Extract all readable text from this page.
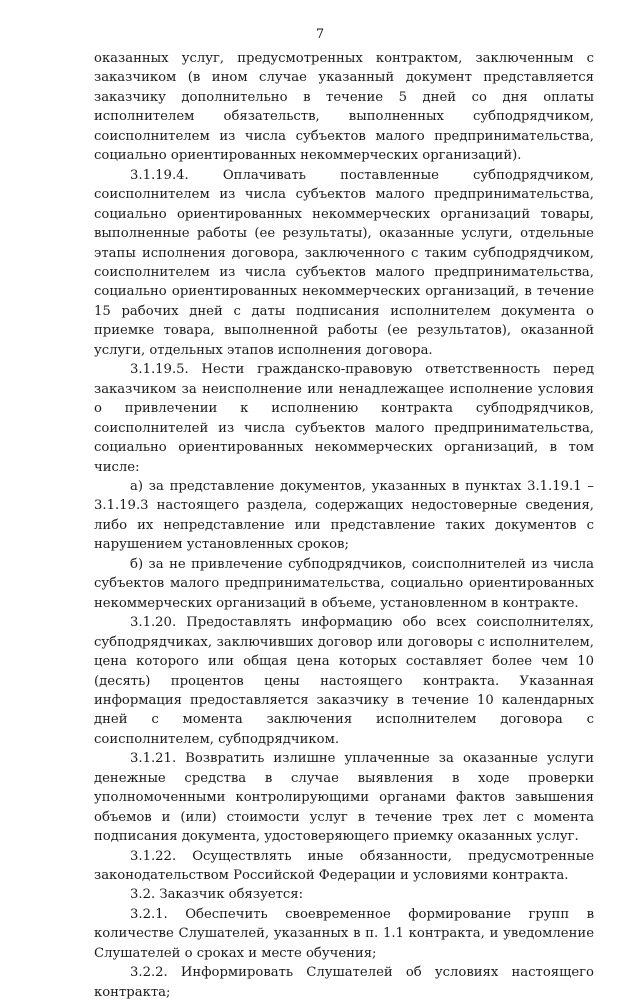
7

оказанных услуг, предусмотренных контрактом, заключенным с заказчиком (в ином случае указанный документ представляется заказчику дополнительно в течение 5 дней со дня оплаты исполнителем обязательств, выполненных субподрядчиком, соисполнителем из числа субъектов малого предпринимательства, социально ориентированных некоммерческих организаций).

3.1.19.4. Оплачивать поставленные субподрядчиком, соисполнителем из числа субъектов малого предпринимательства, социально ориентированных некоммерческих организаций товары, выполненные работы (ее результаты), оказанные услуги, отдельные этапы исполнения договора, заключенного с таким субподрядчиком, соисполнителем из числа субъектов малого предпринимательства, социально ориентированных некоммерческих организаций, в течение 15 рабочих дней с даты подписания исполнителем документа о приемке товара, выполненной работы (ее результатов), оказанной услуги, отдельных этапов исполнения договора.

3.1.19.5. Нести гражданско-правовую ответственность перед заказчиком за неисполнение или ненадлежащее исполнение условия о привлечении к исполнению контракта субподрядчиков, соисполнителей из числа субъектов малого предпринимательства, социально ориентированных некоммерческих организаций, в том числе:

а) за представление документов, указанных в пунктах 3.1.19.1 – 3.1.19.3 настоящего раздела, содержащих недостоверные сведения, либо их непредставление или представление таких документов с нарушением установленных сроков;

б) за не привлечение субподрядчиков, соисполнителей из числа субъектов малого предпринимательства, социально ориентированных некоммерческих организаций в объеме, установленном в контракте.

3.1.20. Предоставлять информацию обо всех соисполнителях, субподрядчиках, заключивших договор или договоры с исполнителем, цена которого или общая цена которых составляет более чем 10 (десять) процентов цены настоящего контракта. Указанная информация предоставляется заказчику в течение 10 календарных дней с момента заключения исполнителем договора с соисполнителем, субподрядчиком.

3.1.21. Возвратить излишне уплаченные за оказанные услуги денежные средства в случае выявления в ходе проверки уполномоченными контролирующими органами фактов завышения объемов и (или) стоимости услуг в течение трех лет с момента подписания документа, удостоверяющего приемку оказанных услуг.

3.1.22. Осуществлять иные обязанности, предусмотренные законодательством Российской Федерации и условиями контракта.

3.2. Заказчик обязуется:

3.2.1. Обеспечить своевременное формирование групп в количестве Слушателей, указанных в п. 1.1 контракта, и уведомление Слушателей о сроках и месте обучения;

3.2.2. Информировать Слушателей об условиях настоящего контракта;
